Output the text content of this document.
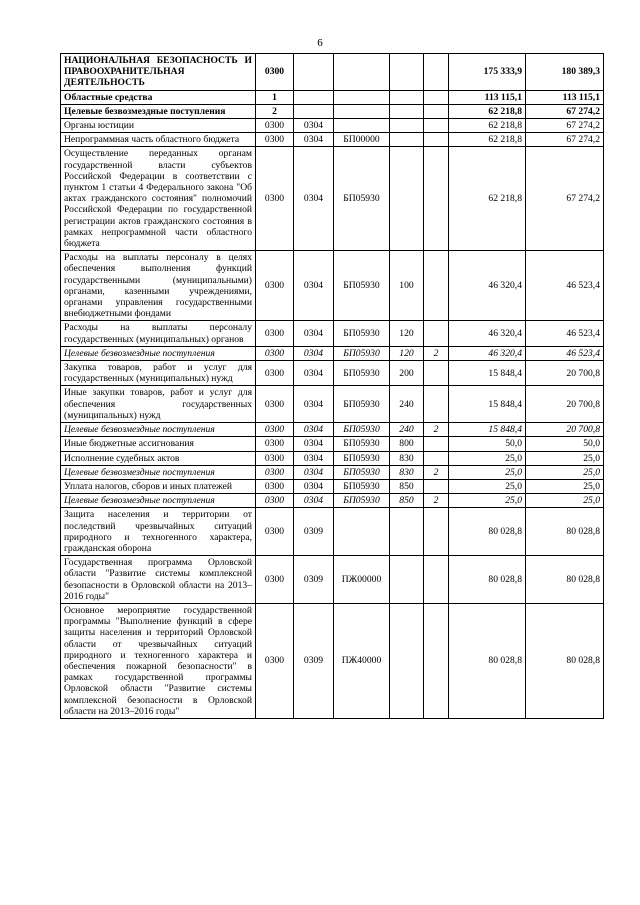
6
НАЦИОНАЛЬНАЯ БЕЗОПАСНОСТЬ И ПРАВООХРАНИТЕЛЬНАЯ ДЕЯТЕЛЬНОСТЬ	0300					175 333,9	180 389,3
Областные средства	1					113 115,1	113 115,1
Целевые безвозмездные поступления	2					62 218,8	67 274,2
Органы юстиции	0300	0304				62 218,8	67 274,2
Непрограммная часть областного бюджета	0300	0304	БП00000			62 218,8	67 274,2
Осуществление переданных органам государственной власти субъектов Российской Федерации в соответствии с пунктом 1 статьи 4 Федерального закона "Об актах гражданского состояния" полномочий Российской Федерации по государственной регистрации актов гражданского состояния в рамках непрограммной части областного бюджета	0300	0304	БП05930			62 218,8	67 274,2
Расходы на выплаты персоналу в целях обеспечения выполнения функций государственными (муниципальными) органами, казенными учреждениями, органами управления государственными внебюджетными фондами	0300	0304	БП05930	100		46 320,4	46 523,4
Расходы на выплаты персоналу государственных (муниципальных) органов	0300	0304	БП05930	120		46 320,4	46 523,4
Целевые безвозмездные поступления	0300	0304	БП05930	120	2	46 320,4	46 523,4
Закупка товаров, работ и услуг для государственных (муниципальных) нужд	0300	0304	БП05930	200		15 848,4	20 700,8
Иные закупки товаров, работ и услуг для обеспечения государственных (муниципальных) нужд	0300	0304	БП05930	240		15 848,4	20 700,8
Целевые безвозмездные поступления	0300	0304	БП05930	240	2	15 848,4	20 700,8
Иные бюджетные ассигнования	0300	0304	БП05930	800		50,0	50,0
Исполнение судебных актов	0300	0304	БП05930	830		25,0	25,0
Целевые безвозмездные поступления	0300	0304	БП05930	830	2	25,0	25,0
Уплата налогов, сборов и иных платежей	0300	0304	БП05930	850		25,0	25,0
Целевые безвозмездные поступления	0300	0304	БП05930	850	2	25,0	25,0
Защита населения и территории от последствий чрезвычайных ситуаций природного и техногенного характера, гражданская оборона	0300	0309				80 028,8	80 028,8
Государственная программа Орловской области "Развитие системы комплексной безопасности в Орловской области на 2013–2016 годы"	0300	0309	ПЖ00000			80 028,8	80 028,8
Основное мероприятие государственной программы "Выполнение функций в сфере защиты населения и территорий Орловской области от чрезвычайных ситуаций природного и техногенного характера и обеспечения пожарной безопасности" в рамках государственной программы Орловской области "Развитие системы комплексной безопасности в Орловской области на 2013–2016 годы"	0300	0309	ПЖ40000			80 028,8	80 028,8
